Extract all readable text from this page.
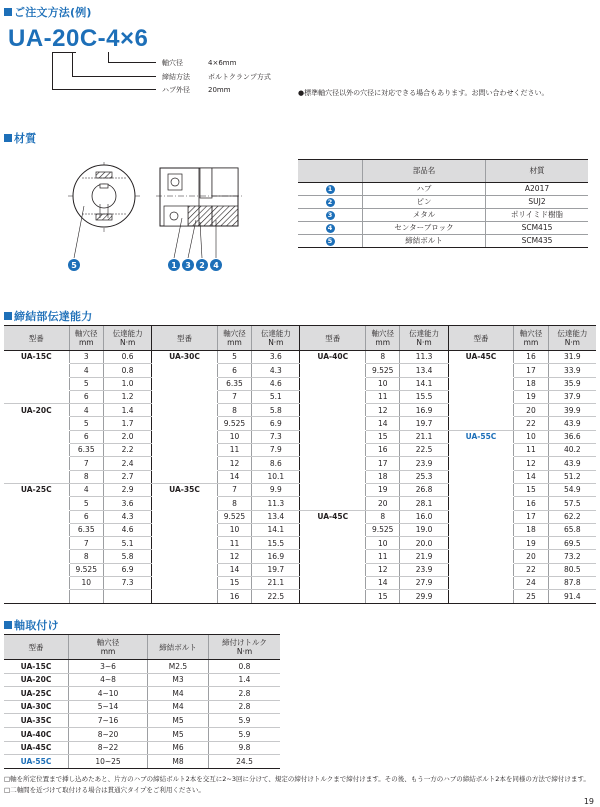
ご注文方法(例)
UA-20C-4×6
軸穴径	4×6mm
締結方法	ボルトクランプ方式
ハブ外径	20mm	●標準軸穴径以外の穴径に対応できる場合もあります。お問い合わせください。
材質
5	1 3 2 4
	部品名	材質
1	ハブ	A2017
2	ピン	SUJ2
3	メタル	ポリイミド樹脂
4	センターブロック	SCM415
5	締結ボルト	SCM435
締結部伝達能力
型番	軸穴径
mm	伝達能力
N·m	型番	軸穴径
mm	伝達能力
N·m	型番	軸穴径
mm	伝達能力
N·m	型番	軸穴径
mm	伝達能力
N·m
UA-15C	3	0.6	UA-30C	5	3.6	UA-40C	8	11.3	UA-45C	16	31.9
	4	0.8		6	4.3		9.525	13.4		17	33.9
	5	1.0		6.35	4.6		10	14.1		18	35.9
	6	1.2		7	5.1		11	15.5		19	37.9
UA-20C	4	1.4		8	5.8		12	16.9		20	39.9
	5	1.7		9.525	6.9		14	19.7		22	43.9
	6	2.0		10	7.3		15	21.1	UA-55C	10	36.6
	6.35	2.2		11	7.9		16	22.5		11	40.2
	7	2.4		12	8.6		17	23.9		12	43.9
	8	2.7		14	10.1		18	25.3		14	51.2
UA-25C	4	2.9	UA-35C	7	9.9		19	26.8		15	54.9
	5	3.6		8	11.3		20	28.1		16	57.5
	6	4.3		9.525	13.4	UA-45C	8	16.0		17	62.2
	6.35	4.6		10	14.1		9.525	19.0		18	65.8
	7	5.1		11	15.5		10	20.0		19	69.5
	8	5.8		12	16.9		11	21.9		20	73.2
	9.525	6.9		14	19.7		12	23.9		22	80.5
	10	7.3		15	21.1		14	27.9		24	87.8
				16	22.5		15	29.9		25	91.4
軸取付け
型番	軸穴径
mm	締結ボルト	締付けトルク
N·m
UA-15C	3~6	M2.5	0.8
UA-20C	4~8	M3	1.4
UA-25C	4~10	M4	2.8
UA-30C	5~14	M4	2.8
UA-35C	7~16	M5	5.9
UA-40C	8~20	M5	5.9
UA-45C	8~22	M6	9.8
UA-55C	10~25	M8	24.5
□軸を所定位置まで挿し込めたあと、片方のハブの締結ボルト2本を交互に2~3回に分けて、規定の締付けトルクまで締付けます。その後、もう一方のハブの締結ボルト2本を同様の方法で締付けます。
□二軸間を近づけて取付ける場合は貫通穴タイプをご利用ください。
19
